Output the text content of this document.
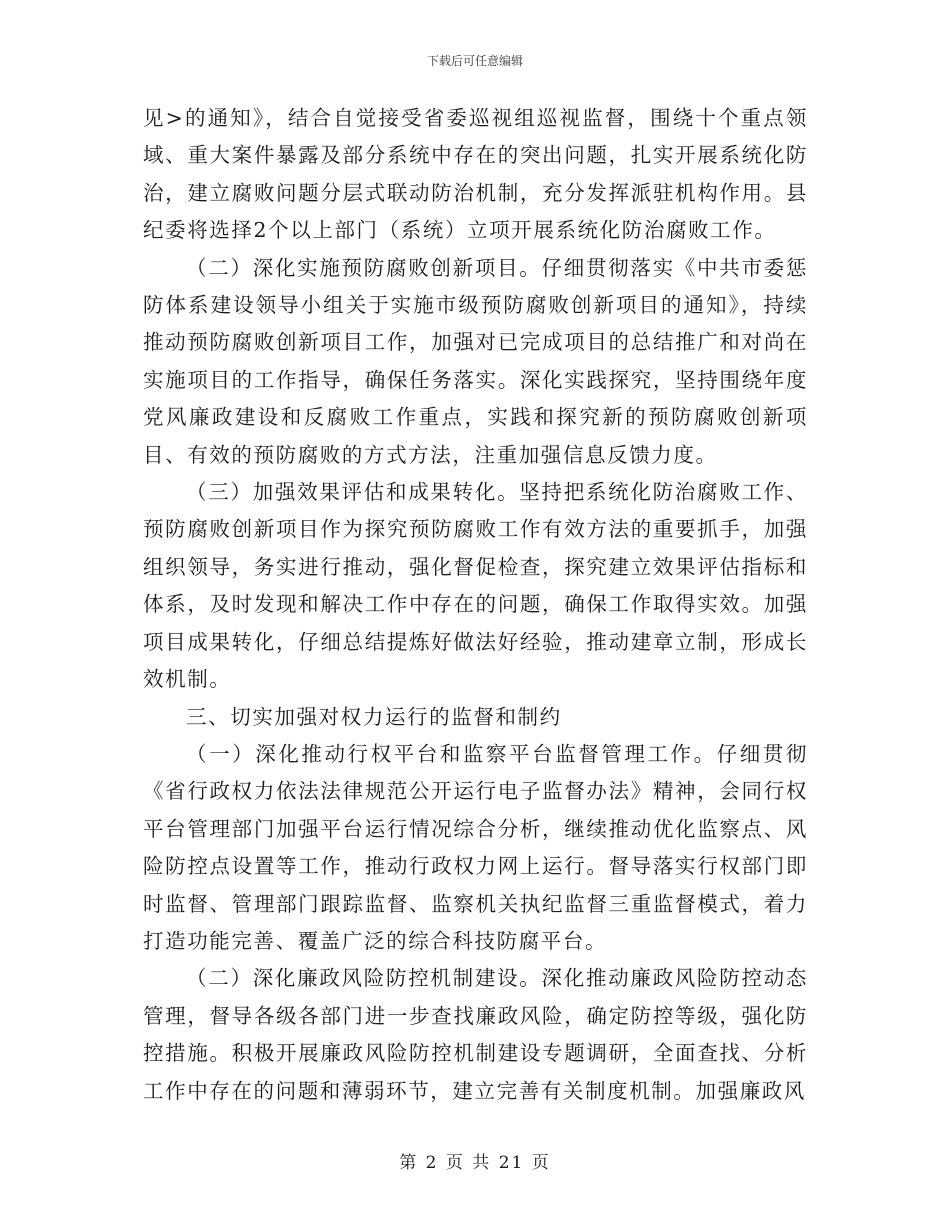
下载后可任意编辑

见>的通知》，结合自觉接受省委巡视组巡视监督，围绕十个重点领域、重大案件暴露及部分系统中存在的突出问题，扎实开展系统化防治，建立腐败问题分层式联动防治机制，充分发挥派驻机构作用。县纪委将选择2个以上部门（系统）立项开展系统化防治腐败工作。

（二）深化实施预防腐败创新项目。仔细贯彻落实《中共市委惩防体系建设领导小组关于实施市级预防腐败创新项目的通知》，持续推动预防腐败创新项目工作，加强对已完成项目的总结推广和对尚在实施项目的工作指导，确保任务落实。深化实践探究，坚持围绕年度党风廉政建设和反腐败工作重点，实践和探究新的预防腐败创新项目、有效的预防腐败的方式方法，注重加强信息反馈力度。

（三）加强效果评估和成果转化。坚持把系统化防治腐败工作、预防腐败创新项目作为探究预防腐败工作有效方法的重要抓手，加强组织领导，务实进行推动，强化督促检查，探究建立效果评估指标和体系，及时发现和解决工作中存在的问题，确保工作取得实效。加强项目成果转化，仔细总结提炼好做法好经验，推动建章立制，形成长效机制。

三、切实加强对权力运行的监督和制约

（一）深化推动行权平台和监察平台监督管理工作。仔细贯彻《省行政权力依法法律规范公开运行电子监督办法》精神，会同行权平台管理部门加强平台运行情况综合分析，继续推动优化监察点、风险防控点设置等工作，推动行政权力网上运行。督导落实行权部门即时监督、管理部门跟踪监督、监察机关执纪监督三重监督模式，着力打造功能完善、覆盖广泛的综合科技防腐平台。

（二）深化廉政风险防控机制建设。深化推动廉政风险防控动态管理，督导各级各部门进一步查找廉政风险，确定防控等级，强化防控措施。积极开展廉政风险防控机制建设专题调研，全面查找、分析工作中存在的问题和薄弱环节，建立完善有关制度机制。加强廉政风

第 2 页 共 21 页
